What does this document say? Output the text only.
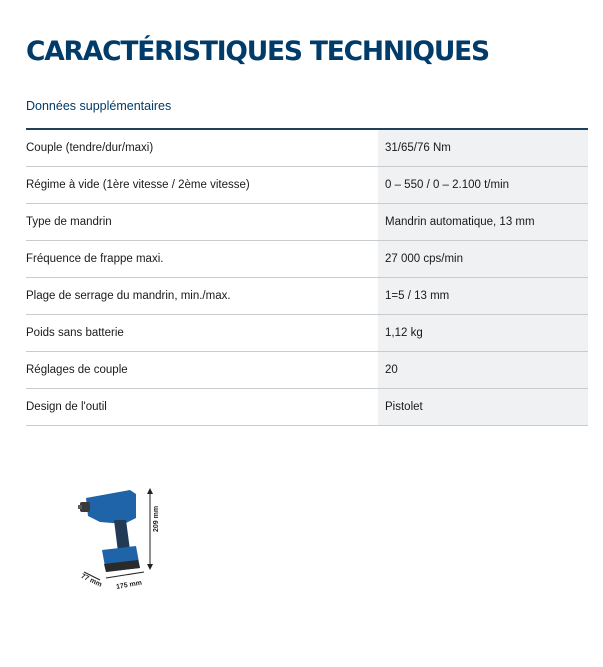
CARACTÉRISTIQUES TECHNIQUES

Données supplémentaires

Couple (tendre/dur/maxi)	31/65/76 Nm
Régime à vide (1ère vitesse / 2ème vitesse)	0 – 550 / 0 – 2.100 t/min
Type de mandrin	Mandrin automatique, 13 mm
Fréquence de frappe maxi.	27 000 cps/min
Plage de serrage du mandrin, min./max.	1=5 / 13 mm
Poids sans batterie	1,12 kg
Réglages de couple	20
Design de l'outil	Pistolet
209 mm
175 mm
77 mm
